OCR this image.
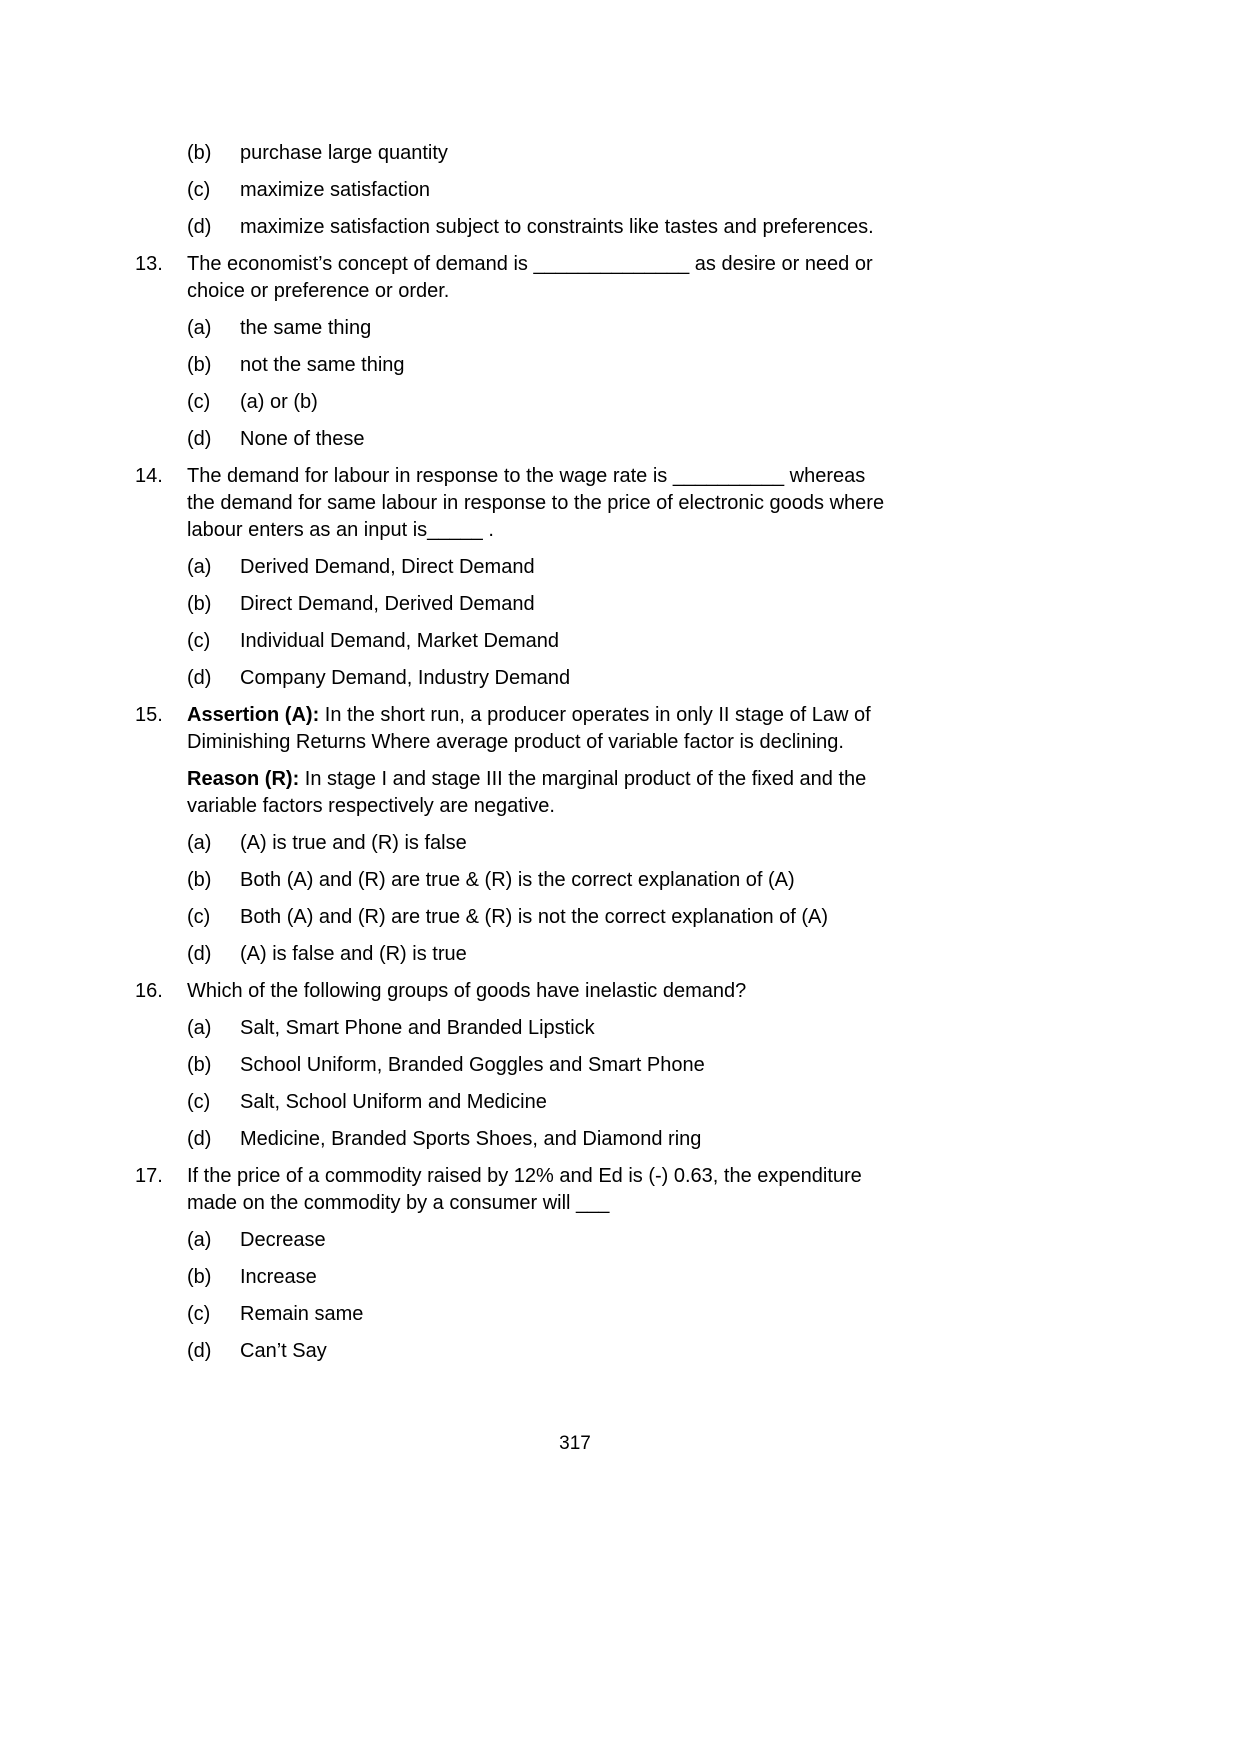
(b)	purchase large quantity
(c)	maximize satisfaction
(d)	maximize satisfaction subject to constraints like tastes and preferences.
13.	The economist’s concept of demand is ______________ as desire or need or
choice or preference or order.
(a)	the same thing
(b)	not the same thing
(c)	(a) or (b)
(d)	None of these
14.	The demand for labour in response to the wage rate is __________ whereas
the demand for same labour in response to the price of electronic goods where
labour enters as an input is_____ .
(a)	Derived Demand, Direct Demand
(b)	Direct Demand, Derived Demand
(c)	Individual Demand, Market Demand
(d)	Company Demand, Industry Demand
15.	Assertion (A): In the short run, a producer operates in only II stage of Law of
Diminishing Returns Where average product of variable factor is declining.
Reason (R): In stage I and stage III the marginal product of the fixed and the
variable factors respectively are negative.
(a)	(A) is true and (R) is false
(b)	Both (A) and (R) are true & (R) is the correct explanation of (A)
(c)	Both (A) and (R) are true & (R) is not the correct explanation of (A)
(d)	(A) is false and (R) is true
16.	Which of the following groups of goods have inelastic demand?
(a)	Salt, Smart Phone and Branded Lipstick
(b)	School Uniform, Branded Goggles and Smart Phone
(c)	Salt, School Uniform and Medicine
(d)	Medicine, Branded Sports Shoes, and Diamond ring
17.	If the price of a commodity raised by 12% and Ed is (-) 0.63, the expenditure
made on the commodity by a consumer will ___
(a)	Decrease
(b)	Increase
(c)	Remain same
(d)	Can’t Say
317
